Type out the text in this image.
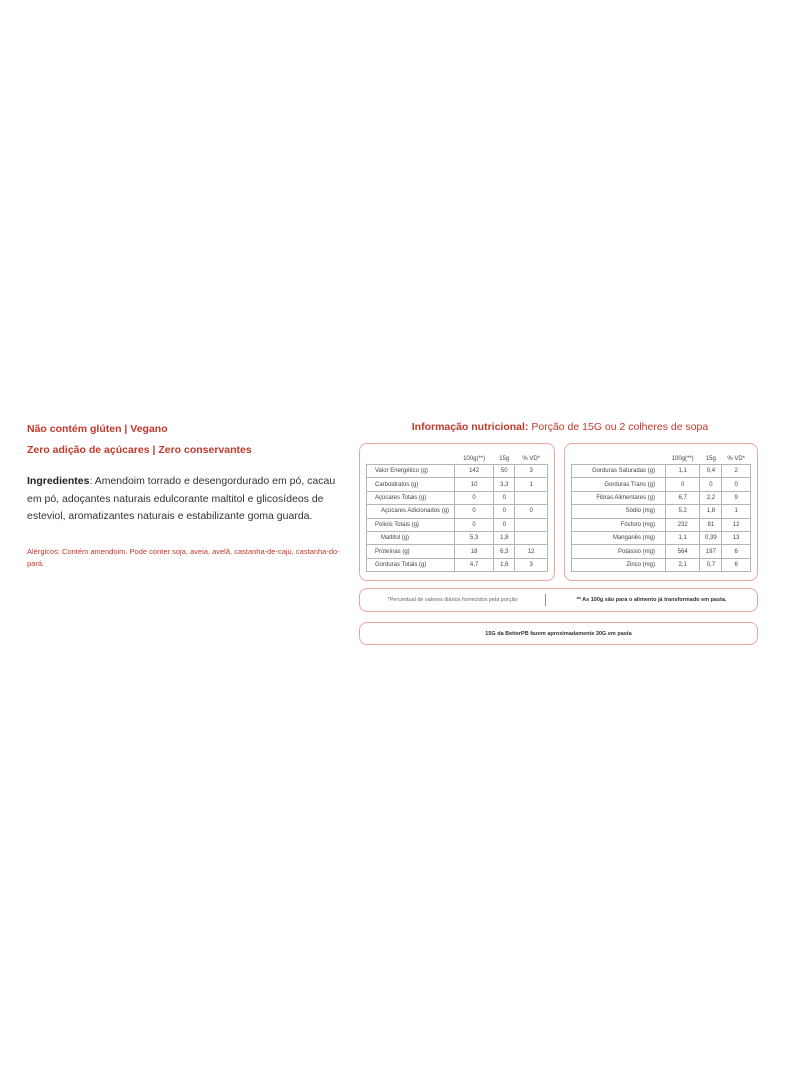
Não contém glúten | Vegano
Zero adição de açúcares | Zero conservantes
Ingredientes: Amendoim torrado e desengordurado em pó, cacau em pó, adoçantes naturais edulcorante maltitol e glicosídeos de esteviol, aromatizantes naturais e estabilizante goma guarda.
Alérgicos: Contém amendoim. Pode conter soja, aveia, avelã, castanha-de-caju, castanha-do-pará.
Informação nutricional: Porção de 15G ou 2 colheres de sopa
	100g(**)	15g	% VD*
Valor Energético (g)	142	50	3
Carboidratos (g)	10	3,3	1
Açúcares Totais (g)	0	0	
Açúcares Adicionados (g)	0	0	0
Poliois Totais (g)	0	0	
Maltitol (g)	5,3	1,8	
Proteínas (g)	18	6,3	12
Gorduras Totais (g)	4,7	1,6	3
	100g(**)	15g	% VD*
Gorduras Saturadas (g)	1,1	0,4	2
Gorduras Trans (g)	0	0	0
Fibras Alimentares (g)	6,7	2,2	9
Sódio (mg)	5,2	1,8	1
Fósforo (mg)	232	81	12
Manganês (mg)	1,1	0,39	13
Potássio (mg)	564	197	6
Zinco (mg)	2,1	0,7	6
*Percentual de valores diários fornecidos pela porção	** As 100g são para o alimento já transformado em pasta.
15G da BetterPB fazem aproximadamente 30G em pasta
